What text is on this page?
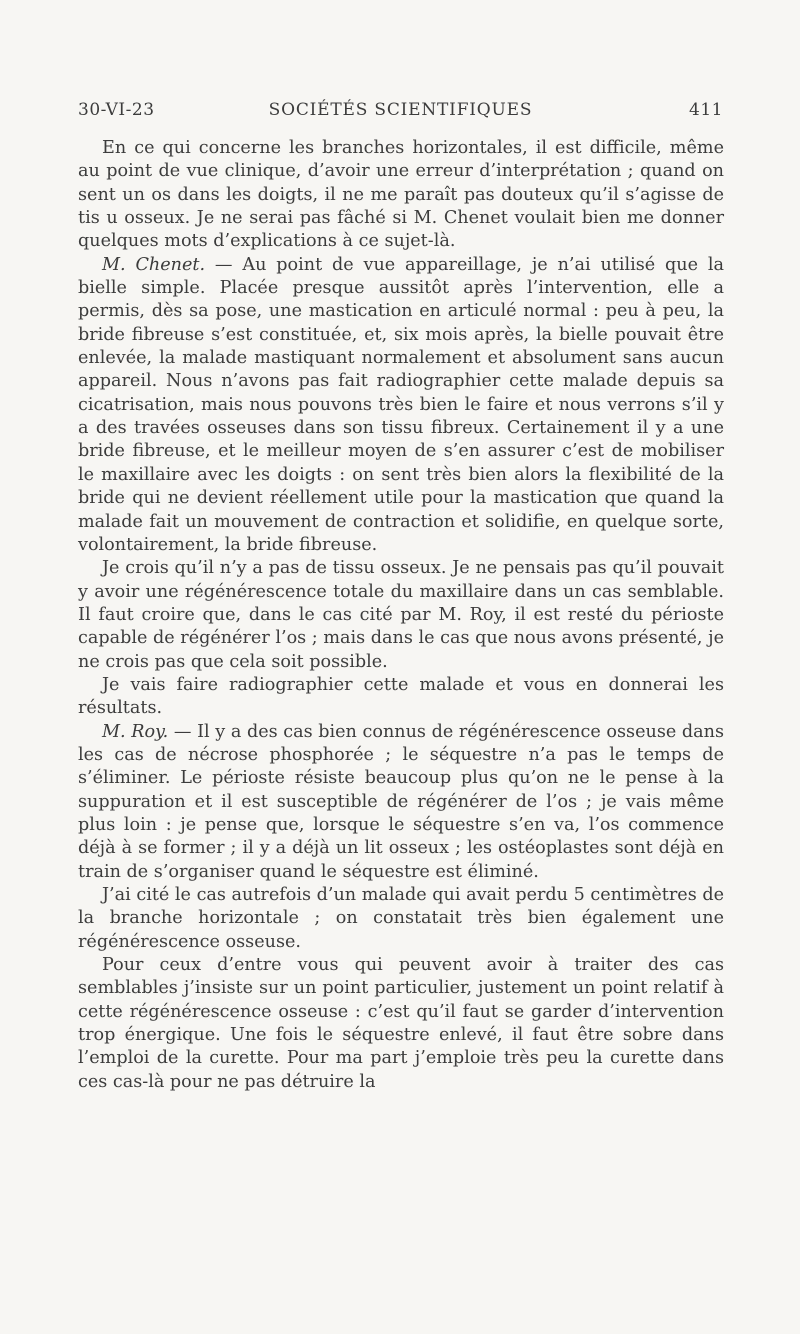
30-VI-23	SOCIÉTÉS SCIENTIFIQUES	411

En ce qui concerne les branches horizontales, il est difficile, même au point de vue clinique, d’avoir une erreur d’interprétation ; quand on sent un os dans les doigts, il ne me paraît pas douteux qu’il s’agisse de tis u osseux. Je ne serai pas fâché si M. Chenet voulait bien me donner quelques mots d’explications à ce sujet-là.

M. Chenet. — Au point de vue appareillage, je n’ai utilisé que la bielle simple. Placée presque aussitôt après l’intervention, elle a permis, dès sa pose, une mastication en articulé normal : peu à peu, la bride fibreuse s’est constituée, et, six mois après, la bielle pouvait être enlevée, la malade mastiquant normalement et absolument sans aucun appareil. Nous n’avons pas fait radiographier cette malade depuis sa cicatrisation, mais nous pouvons très bien le faire et nous verrons s’il y a des travées osseuses dans son tissu fibreux. Certainement il y a une bride fibreuse, et le meilleur moyen de s’en assurer c’est de mobiliser le maxillaire avec les doigts : on sent très bien alors la flexibilité de la bride qui ne devient réellement utile pour la mastication que quand la malade fait un mouvement de contraction et solidifie, en quelque sorte, volontairement, la bride fibreuse.

Je crois qu’il n’y a pas de tissu osseux. Je ne pensais pas qu’il pouvait y avoir une régénérescence totale du maxillaire dans un cas semblable. Il faut croire que, dans le cas cité par M. Roy, il est resté du périoste capable de régénérer l’os ; mais dans le cas que nous avons présenté, je ne crois pas que cela soit possible.

Je vais faire radiographier cette malade et vous en donnerai les résultats.

M. Roy. — Il y a des cas bien connus de régénérescence osseuse dans les cas de nécrose phosphorée ; le séquestre n’a pas le temps de s’éliminer. Le périoste résiste beaucoup plus qu’on ne le pense à la suppuration et il est susceptible de régénérer de l’os ; je vais même plus loin : je pense que, lorsque le séquestre s’en va, l’os commence déjà à se former ; il y a déjà un lit osseux ; les ostéoplastes sont déjà en train de s’organiser quand le séquestre est éliminé.

J’ai cité le cas autrefois d’un malade qui avait perdu 5 centimètres de la branche horizontale ; on constatait très bien également une régénérescence osseuse.

Pour ceux d’entre vous qui peuvent avoir à traiter des cas semblables j’insiste sur un point particulier, justement un point relatif à cette régénérescence osseuse : c’est qu’il faut se garder d’intervention trop énergique. Une fois le séquestre enlevé, il faut être sobre dans l’emploi de la curette. Pour ma part j’emploie très peu la curette dans ces cas-là pour ne pas détruire la
